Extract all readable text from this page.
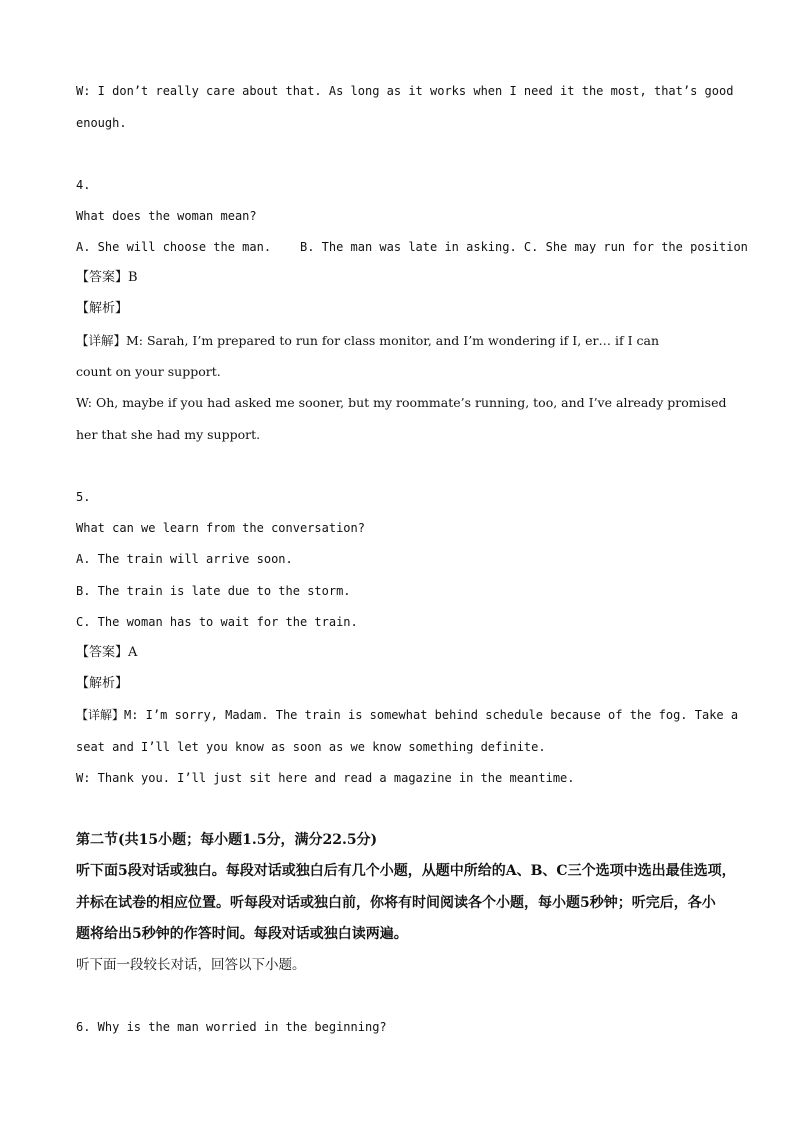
W: I don’t really care about that. As long as it works when I need it the most, that’s good
enough.
4.
What does the woman mean?
A. She will choose the man.    B. The man was late in asking. C. She may run for the position
【答案】B
【解析】
【详解】M: Sarah, I’m prepared to run for class monitor, and I’m wondering if I, er… if I can
count on your support.
W: Oh, maybe if you had asked me sooner, but my roommate’s running, too, and I’ve already promised
her that she had my support.
5.
What can we learn from the conversation?
A. The train will arrive soon.
B. The train is late due to the storm.
C. The woman has to wait for the train.
【答案】A
【解析】
【详解】M: I’m sorry, Madam. The train is somewhat behind schedule because of the fog. Take a
seat and I’ll let you know as soon as we know something definite.
W: Thank you. I’ll just sit here and read a magazine in the meantime.
第二节(共15小题；每小题1.5分，满分22.5分)
听下面5段对话或独白。每段对话或独白后有几个小题，从题中所给的A、B、C三个选项中选出最佳选项，
并标在试卷的相应位置。听每段对话或独白前，你将有时间阅读各个小题，每小题5秒钟；听完后，各小
题将给出5秒钟的作答时间。每段对话或独白读两遍。
听下面一段较长对话，回答以下小题。
6. Why is the man worried in the beginning?
